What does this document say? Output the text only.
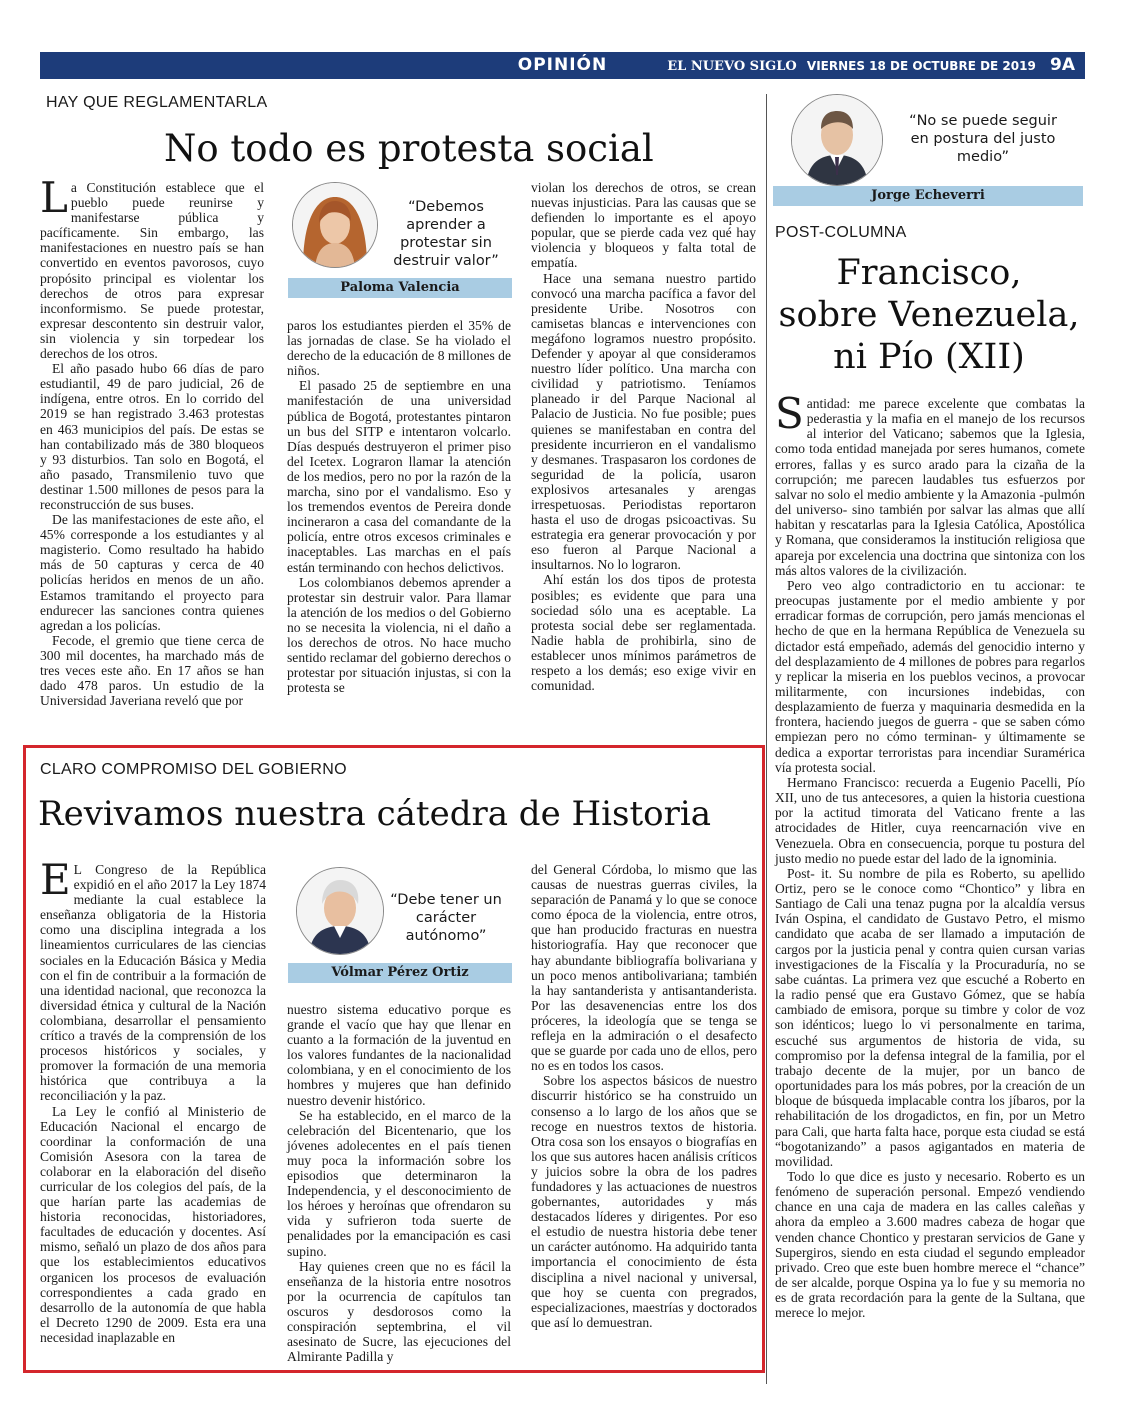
OPINIÓN	EL NUEVO SIGLO VIERNES 18 DE OCTUBRE DE 2019 9A
HAY QUE REGLAMENTARLA
No todo es protesta social

La Constitución establece que el pueblo puede reunirse y manifestarse pública y pacíficamente. Sin embargo, las manifestaciones en nuestro país se han convertido en eventos pavorosos, cuyo propósito principal es violentar los derechos de otros para expresar inconformismo. Se puede protestar, expresar descontento sin destruir valor, sin violencia y sin torpedear los derechos de los otros.

El año pasado hubo 66 días de paro estudiantil, 49 de paro judicial, 26 de indígena, entre otros. En lo corrido del 2019 se han registrado 3.463 protestas en 463 municipios del país. De estas se han contabilizado más de 380 bloqueos y 93 disturbios. Tan solo en Bogotá, el año pasado, Transmilenio tuvo que destinar 1.500 millones de pesos para la reconstrucción de sus buses.

De las manifestaciones de este año, el 45% corresponde a los estudiantes y al magisterio. Como resultado ha habido más de 50 capturas y cerca de 40 policías heridos en menos de un año. Estamos tramitando el proyecto para endurecer las sanciones contra quienes agredan a los policías.

Fecode, el gremio que tiene cerca de 300 mil docentes, ha marchado más de tres veces este año. En 17 años se han dado 478 paros. Un estudio de la Universidad Javeriana reveló que por

“Debemos aprender a protestar sin destruir valor”
Paloma Valencia

paros los estudiantes pierden el 35% de las jornadas de clase. Se ha violado el derecho de la educación de 8 millones de niños.

El pasado 25 de septiembre en una manifestación de una universidad pública de Bogotá, protestantes pintaron un bus del SITP e intentaron volcarlo. Días después destruyeron el primer piso del Icetex. Lograron llamar la atención de los medios, pero no por la razón de la marcha, sino por el vandalismo. Eso y los tremendos eventos de Pereira donde incineraron a casa del comandante de la policía, entre otros excesos criminales e inaceptables. Las marchas en el país están terminando con hechos delictivos.

Los colombianos debemos aprender a protestar sin destruir valor. Para llamar la atención de los medios o del Gobierno no se necesita la violencia, ni el daño a los derechos de otros. No hace mucho sentido reclamar del gobierno derechos o protestar por situación injustas, si con la protesta se

violan los derechos de otros, se crean nuevas injusticias. Para las causas que se defienden lo importante es el apoyo popular, que se pierde cada vez qué hay violencia y bloqueos y falta total de empatía.

Hace una semana nuestro partido convocó una marcha pacífica a favor del presidente Uribe. Nosotros con camisetas blancas e intervenciones con megáfono logramos nuestro propósito. Defender y apoyar al que consideramos nuestro líder político. Una marcha con civilidad y patriotismo. Teníamos planeado ir del Parque Nacional al Palacio de Justicia. No fue posible; pues quienes se manifestaban en contra del presidente incurrieron en el vandalismo y desmanes. Traspasaron los cordones de seguridad de la policía, usaron explosivos artesanales y arengas irrespetuosas. Periodistas reportaron hasta el uso de drogas psicoactivas. Su estrategia era generar provocación y por eso fueron al Parque Nacional a insultarnos. No lo lograron.

Ahí están los dos tipos de protesta posibles; es evidente que para una sociedad sólo una es aceptable. La protesta social debe ser reglamentada. Nadie habla de prohibirla, sino de establecer unos mínimos parámetros de respeto a los demás; eso exige vivir en comunidad.

“No se puede seguir en postura del justo medio”
Jorge Echeverri
POST-COLUMNA
Francisco,
sobre Venezuela,
ni Pío (XII)

Santidad: me parece excelente que combatas la pederastia y la mafia en el manejo de los recursos al interior del Vaticano; sabemos que la Iglesia, como toda entidad manejada por seres humanos, comete errores, fallas y es surco arado para la cizaña de la corrupción; me parecen laudables tus esfuerzos por salvar no solo el medio ambiente y la Amazonia -pulmón del universo- sino también por salvar las almas que allí habitan y rescatarlas para la Iglesia Católica, Apostólica y Romana, que consideramos la institución religiosa que apareja por excelencia una doctrina que sintoniza con los más altos valores de la civilización.

Pero veo algo contradictorio en tu accionar: te preocupas justamente por el medio ambiente y por erradicar formas de corrupción, pero jamás mencionas el hecho de que en la hermana República de Venezuela su dictador está empeñado, además del genocidio interno y del desplazamiento de 4 millones de pobres para regarlos y replicar la miseria en los pueblos vecinos, a provocar militarmente, con incursiones indebidas, con desplazamiento de fuerza y maquinaria desmedida en la frontera, haciendo juegos de guerra - que se saben cómo empiezan pero no cómo terminan- y últimamente se dedica a exportar terroristas para incendiar Suramérica vía protesta social.

Hermano Francisco: recuerda a Eugenio Pacelli, Pío XII, uno de tus antecesores, a quien la historia cuestiona por la actitud timorata del Vaticano frente a las atrocidades de Hitler, cuya reencarnación vive en Venezuela. Obra en consecuencia, porque tu postura del justo medio no puede estar del lado de la ignominia.

Post- it. Su nombre de pila es Roberto, su apellido Ortiz, pero se le conoce como “Chontico” y libra en Santiago de Cali una tenaz pugna por la alcaldía versus Iván Ospina, el candidato de Gustavo Petro, el mismo candidato que acaba de ser llamado a imputación de cargos por la justicia penal y contra quien cursan varias investigaciones de la Fiscalía y la Procuraduría, no se sabe cuántas. La primera vez que escuché a Roberto en la radio pensé que era Gustavo Gómez, que se había cambiado de emisora, porque su timbre y color de voz son idénticos; luego lo vi personalmente en tarima, escuché sus argumentos de historia de vida, su compromiso por la defensa integral de la familia, por el trabajo decente de la mujer, por un banco de oportunidades para los más pobres, por la creación de un bloque de búsqueda implacable contra los jíbaros, por la rehabilitación de los drogadictos, en fin, por un Metro para Cali, que harta falta hace, porque esta ciudad se está “bogotanizando” a pasos agigantados en materia de movilidad.

Todo lo que dice es justo y necesario. Roberto es un fenómeno de superación personal. Empezó vendiendo chance en una caja de madera en las calles caleñas y ahora da empleo a 3.600 madres cabeza de hogar que venden chance Chontico y prestaran servicios de Gane y Supergiros, siendo en esta ciudad el segundo empleador privado. Creo que este buen hombre merece el “chance” de ser alcalde, porque Ospina ya lo fue y su memoria no es de grata recordación para la gente de la Sultana, que merece lo mejor.

CLARO COMPROMISO DEL GOBIERNO
Revivamos nuestra cátedra de Historia

E L Congreso de la República expidió en el año 2017 la Ley 1874 mediante la cual establece la enseñanza obligatoria de la Historia como una disciplina integrada a los lineamientos curriculares de las ciencias sociales en la Educación Básica y Media con el fin de contribuir a la formación de una identidad nacional, que reconozca la diversidad étnica y cultural de la Nación colombiana, desarrollar el pensamiento crítico a través de la comprensión de los procesos históricos y sociales, y promover la formación de una memoria histórica que contribuya a la reconciliación y la paz.

La Ley le confió al Ministerio de Educación Nacional el encargo de coordinar la conformación de una Comisión Asesora con la tarea de colaborar en la elaboración del diseño curricular de los colegios del país, de la que harían parte las academias de historia reconocidas, historiadores, facultades de educación y docentes. Así mismo, señaló un plazo de dos años para que los establecimientos educativos organicen los procesos de evaluación correspondientes a cada grado en desarrollo de la autonomía de que habla el Decreto 1290 de 2009. Esta era una necesidad inaplazable en

“Debe tener un carácter autónomo”
Vólmar Pérez Ortiz

nuestro sistema educativo porque es grande el vacío que hay que llenar en cuanto a la formación de la juventud en los valores fundantes de la nacionalidad colombiana, y en el conocimiento de los hombres y mujeres que han definido nuestro devenir histórico.

Se ha establecido, en el marco de la celebración del Bicentenario, que los jóvenes adolecentes en el país tienen muy poca la información sobre los episodios que determinaron la Independencia, y el desconocimiento de los héroes y heroínas que ofrendaron su vida y sufrieron toda suerte de penalidades por la emancipación es casi supino.

Hay quienes creen que no es fácil la enseñanza de la historia entre nosotros por la ocurrencia de capítulos tan oscuros y desdorosos como la conspiración septembrina, el vil asesinato de Sucre, las ejecuciones del Almirante Padilla y

del General Córdoba, lo mismo que las causas de nuestras guerras civiles, la separación de Panamá y lo que se conoce como época de la violencia, entre otros, que han producido fracturas en nuestra historiografía. Hay que reconocer que hay abundante bibliografía bolivariana y un poco menos antibolivariana; también la hay santanderista y antisantanderista. Por las desavenencias entre los dos próceres, la ideología que se tenga se refleja en la admiración o el desafecto que se guarde por cada uno de ellos, pero no es en todos los casos.

Sobre los aspectos básicos de nuestro discurrir histórico se ha construido un consenso a lo largo de los años que se recoge en nuestros textos de historia. Otra cosa son los ensayos o biografías en los que sus autores hacen análisis críticos y juicios sobre la obra de los padres fundadores y las actuaciones de nuestros gobernantes, autoridades y más destacados líderes y dirigentes. Por eso el estudio de nuestra historia debe tener un carácter autónomo. Ha adquirido tanta importancia el conocimiento de ésta disciplina a nivel nacional y universal, que hoy se cuenta con pregrados, especializaciones, maestrías y doctorados que así lo demuestran.
